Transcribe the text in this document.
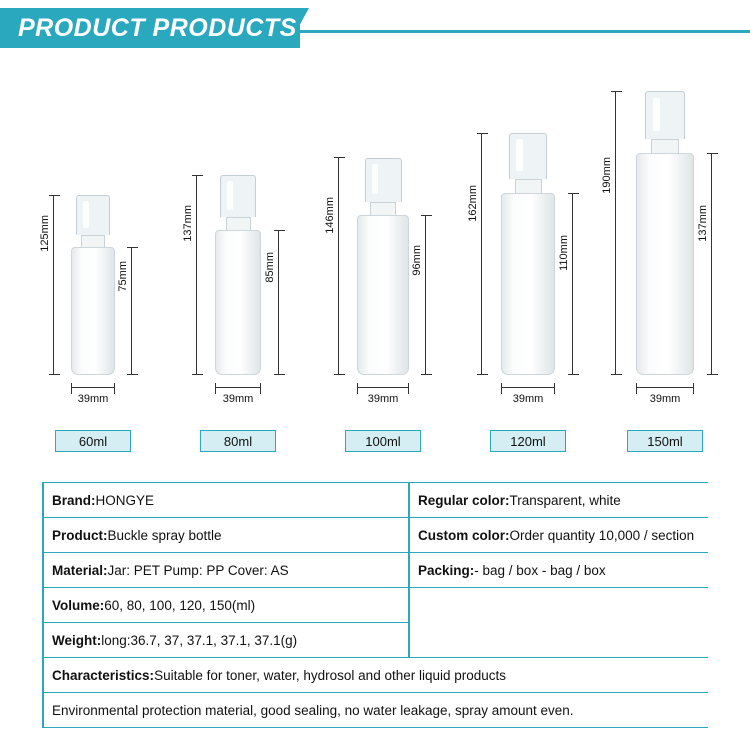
PRODUCT PRODUCTS
125mm
75mm
39mm
60ml
137mm
85mm
39mm
80ml
146mm
96mm
39mm
100ml
162mm
110mm
39mm
120ml
190mm
137mm
39mm
150ml
Brand:HONGYE	Regular color:Transparent, white
Product:Buckle spray bottle	Custom color:Order quantity 10,000 / section
Material:Jar: PET Pump: PP Cover: AS	Packing:- bag / box - bag / box
Volume:60, 80, 100, 120, 150(ml)	
Weight:long:36.7, 37, 37.1, 37.1, 37.1(g)	
Characteristics:Suitable for toner, water, hydrosol and other liquid products	
Environmental protection material, good sealing, no water leakage, spray amount even.	
